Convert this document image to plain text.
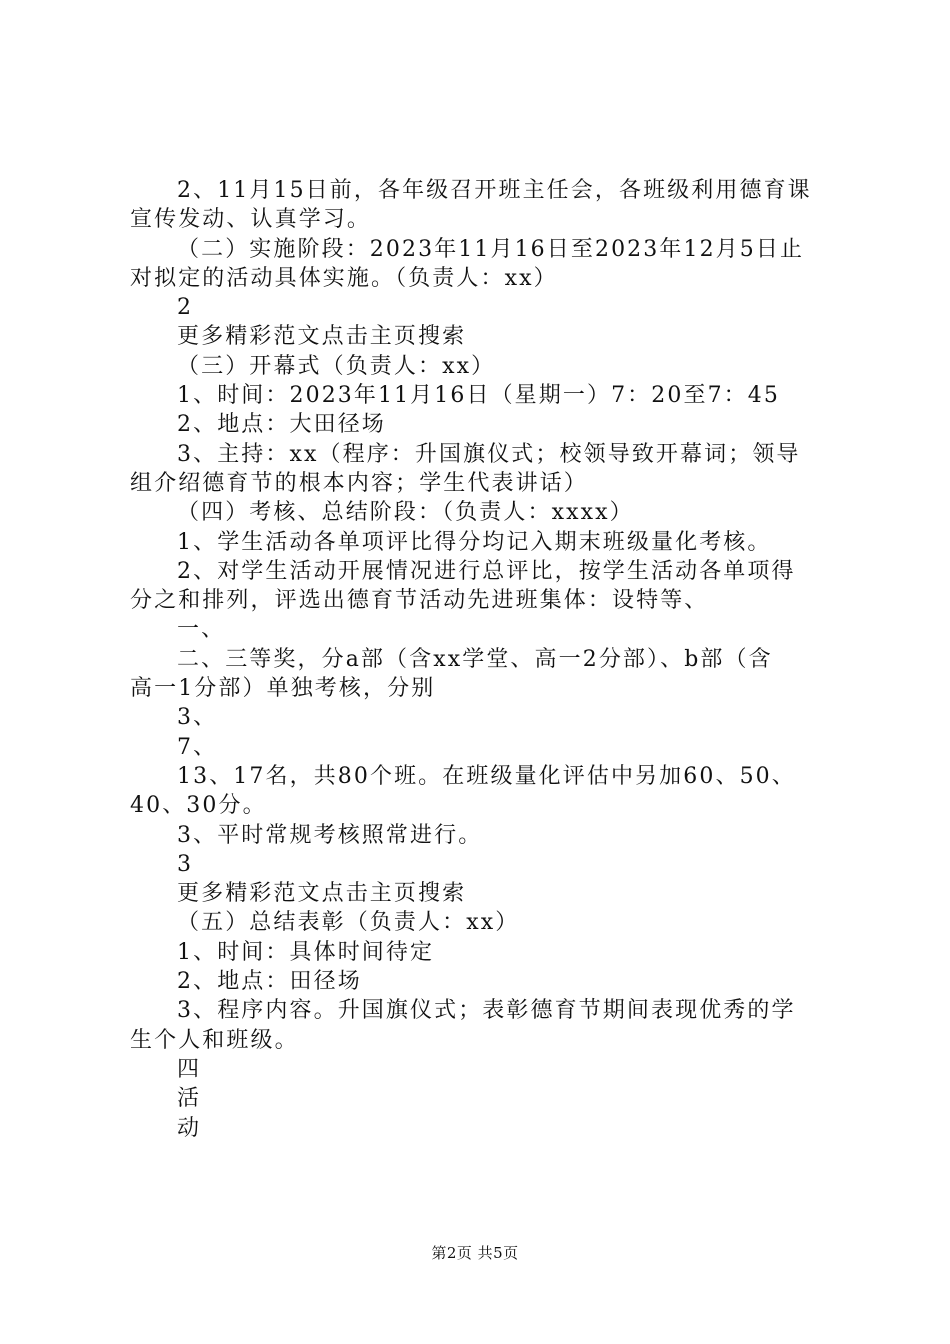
2、11月15日前，各年级召开班主任会，各班级利用德育课
宣传发动、认真学习。
（二）实施阶段：2023年11月16日至2023年12月5日止
对拟定的活动具体实施。（负责人：xx）
2
更多精彩范文点击主页搜索
（三）开幕式（负责人：xx）
1、时间：2023年11月16日（星期一）7：20至7：45
2、地点：大田径场
3、主持：xx（程序：升国旗仪式；校领导致开幕词；领导
组介绍德育节的根本内容；学生代表讲话）
（四）考核、总结阶段：（负责人：xxxx）
1、学生活动各单项评比得分均记入期末班级量化考核。
2、对学生活动开展情况进行总评比，按学生活动各单项得
分之和排列，评选出德育节活动先进班集体：设特等、
一、
二、三等奖，分a部（含xx学堂、高一2分部）、b部（含
高一1分部）单独考核，分别
3、
7、
13、17名，共80个班。在班级量化评估中另加60、50、
40、30分。
3、平时常规考核照常进行。
3
更多精彩范文点击主页搜索
（五）总结表彰（负责人：xx）
1、时间：具体时间待定
2、地点：田径场
3、程序内容。升国旗仪式；表彰德育节期间表现优秀的学
生个人和班级。
四
活
动
第2页 共5页
